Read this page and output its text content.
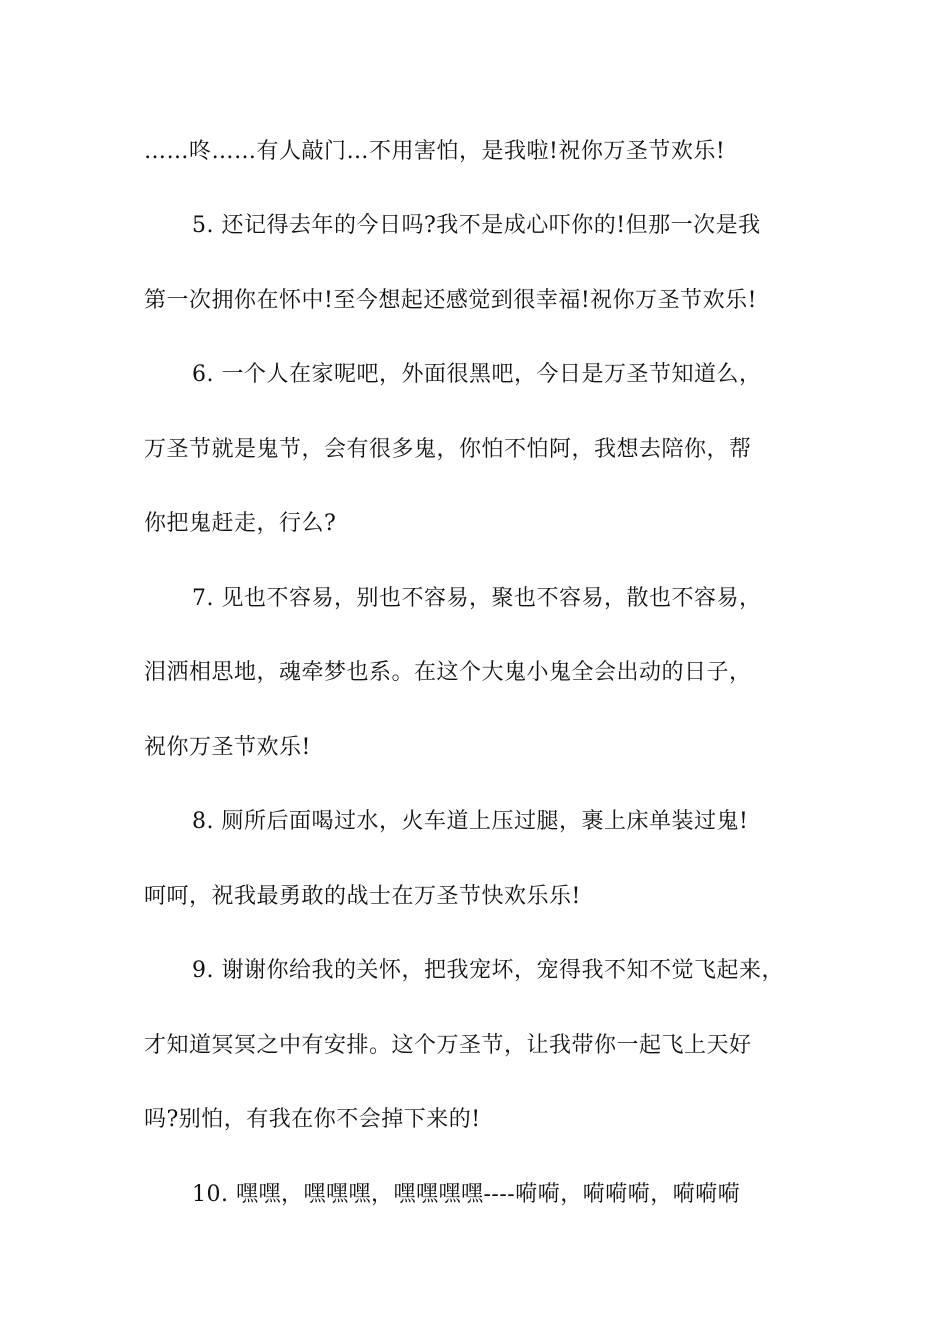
……咚……有人敲门…不用害怕，是我啦!祝你万圣节欢乐!
5. 还记得去年的今日吗?我不是成心吓你的!但那一次是我
第一次拥你在怀中!至今想起还感觉到很幸福!祝你万圣节欢乐!
6. 一个人在家呢吧，外面很黑吧，今日是万圣节知道么，
万圣节就是鬼节，会有很多鬼，你怕不怕阿，我想去陪你，帮
你把鬼赶走，行么?
7. 见也不容易，别也不容易，聚也不容易，散也不容易，
泪洒相思地，魂牵梦也系。在这个大鬼小鬼全会出动的日子，
祝你万圣节欢乐!
8. 厕所后面喝过水，火车道上压过腿，裹上床单装过鬼!
呵呵，祝我最勇敢的战士在万圣节快欢乐乐!
9. 谢谢你给我的关怀，把我宠坏，宠得我不知不觉飞起来，
才知道冥冥之中有安排。这个万圣节，让我带你一起飞上天好
吗?别怕，有我在你不会掉下来的!
10. 嘿嘿，嘿嘿嘿，嘿嘿嘿嘿----嗬嗬，嗬嗬嗬，嗬嗬嗬
